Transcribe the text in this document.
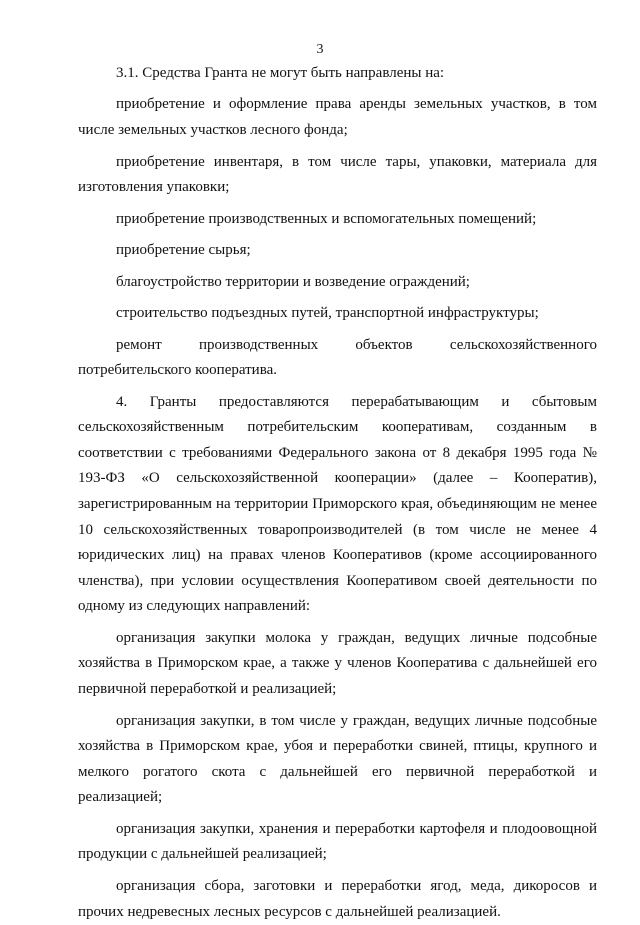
3

3.1. Средства Гранта не могут быть направлены на:

приобретение и оформление права аренды земельных участков, в том числе земельных участков лесного фонда;

приобретение инвентаря, в том числе тары, упаковки, материала для изготовления упаковки;

приобретение производственных и вспомогательных помещений;

приобретение сырья;

благоустройство территории и возведение ограждений;

строительство подъездных путей, транспортной инфраструктуры;

ремонт производственных объектов сельскохозяйственного потребительского кооператива.

4. Гранты предоставляются перерабатывающим и сбытовым сельскохозяйственным потребительским кооперативам, созданным в соответствии с требованиями Федерального закона от 8 декабря 1995 года № 193-ФЗ «О сельскохозяйственной кооперации» (далее – Кооператив), зарегистрированным на территории Приморского края, объединяющим не менее 10 сельскохозяйственных товаропроизводителей (в том числе не менее 4 юридических лиц) на правах членов Кооперативов (кроме ассоциированного членства), при условии осуществления Кооперативом своей деятельности по одному из следующих направлений:

организация закупки молока у граждан, ведущих личные подсобные хозяйства в Приморском крае, а также у членов Кооператива с дальнейшей его первичной переработкой и реализацией;

организация закупки, в том числе у граждан, ведущих личные подсобные хозяйства в Приморском крае, убоя и переработки свиней, птицы, крупного и мелкого рогатого скота с дальнейшей его первичной переработкой и реализацией;

организация закупки, хранения и переработки картофеля и плодоовощной продукции с дальнейшей реализацией;

организация сбора, заготовки и переработки ягод, меда, дикоросов и прочих недревесных лесных ресурсов с дальнейшей реализацией.
